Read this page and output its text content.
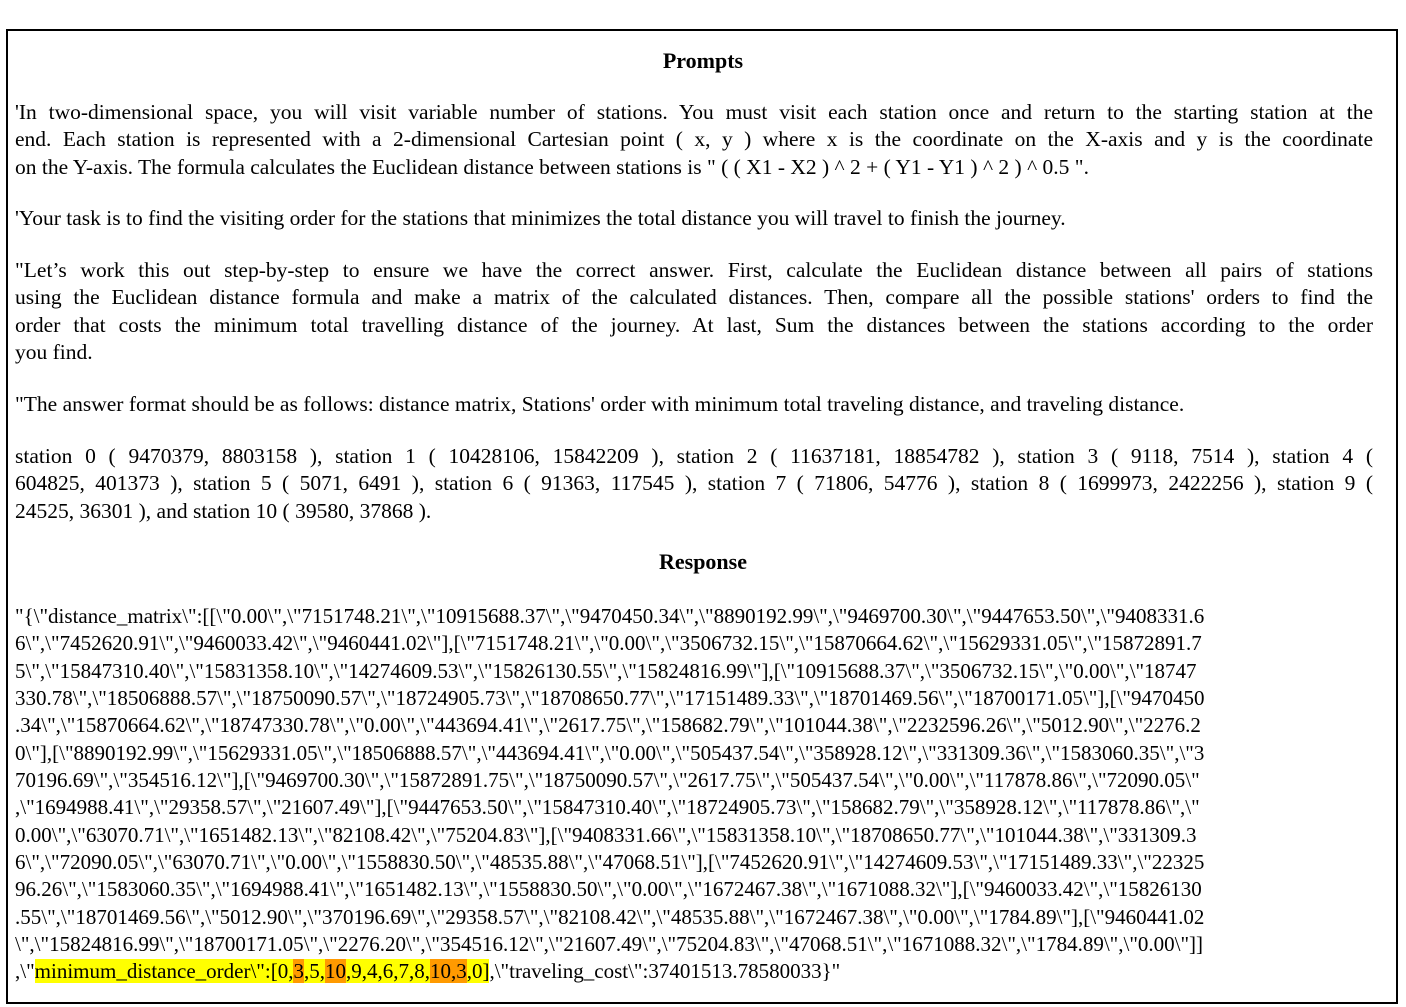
Prompts
'In two-dimensional space, you will visit variable number of stations. You must visit each station once and return to the starting station at the
end. Each station is represented with a 2-dimensional Cartesian point ( x, y ) where x is the coordinate on the X-axis and y is the coordinate
on the Y-axis. The formula calculates the Euclidean distance between stations is " ( ( X1 - X2 ) ^ 2 + ( Y1 - Y1 ) ^ 2 ) ^ 0.5 ".
'Your task is to find the visiting order for the stations that minimizes the total distance you will travel to finish the journey.
"Let’s work this out step-by-step to ensure we have the correct answer. First, calculate the Euclidean distance between all pairs of stations
using the Euclidean distance formula and make a matrix of the calculated distances. Then, compare all the possible stations' orders to find the
order that costs the minimum total travelling distance of the journey. At last, Sum the distances between the stations according to the order
you find.
"The answer format should be as follows: distance matrix, Stations' order with minimum total traveling distance, and traveling distance.
station 0 ( 9470379, 8803158 ), station 1 ( 10428106, 15842209 ), station 2 ( 11637181, 18854782 ), station 3 ( 9118, 7514 ), station 4 (
604825, 401373 ), station 5 ( 5071, 6491 ), station 6 ( 91363, 117545 ), station 7 ( 71806, 54776 ), station 8 ( 1699973, 2422256 ), station 9 (
24525, 36301 ), and station 10 ( 39580, 37868 ).
Response
"{\"distance_matrix\":[[\"0.00\",\"7151748.21\",\"10915688.37\",\"9470450.34\",\"8890192.99\",\"9469700.30\",\"9447653.50\",\"9408331.6
6\",\"7452620.91\",\"9460033.42\",\"9460441.02\"],[\"7151748.21\",\"0.00\",\"3506732.15\",\"15870664.62\",\"15629331.05\",\"15872891.7
5\",\"15847310.40\",\"15831358.10\",\"14274609.53\",\"15826130.55\",\"15824816.99\"],[\"10915688.37\",\"3506732.15\",\"0.00\",\"18747
330.78\",\"18506888.57\",\"18750090.57\",\"18724905.73\",\"18708650.77\",\"17151489.33\",\"18701469.56\",\"18700171.05\"],[\"9470450
.34\",\"15870664.62\",\"18747330.78\",\"0.00\",\"443694.41\",\"2617.75\",\"158682.79\",\"101044.38\",\"2232596.26\",\"5012.90\",\"2276.2
0\"],[\"8890192.99\",\"15629331.05\",\"18506888.57\",\"443694.41\",\"0.00\",\"505437.54\",\"358928.12\",\"331309.36\",\"1583060.35\",\"3
70196.69\",\"354516.12\"],[\"9469700.30\",\"15872891.75\",\"18750090.57\",\"2617.75\",\"505437.54\",\"0.00\",\"117878.86\",\"72090.05\"
,\"1694988.41\",\"29358.57\",\"21607.49\"],[\"9447653.50\",\"15847310.40\",\"18724905.73\",\"158682.79\",\"358928.12\",\"117878.86\",\"
0.00\",\"63070.71\",\"1651482.13\",\"82108.42\",\"75204.83\"],[\"9408331.66\",\"15831358.10\",\"18708650.77\",\"101044.38\",\"331309.3
6\",\"72090.05\",\"63070.71\",\"0.00\",\"1558830.50\",\"48535.88\",\"47068.51\"],[\"7452620.91\",\"14274609.53\",\"17151489.33\",\"22325
96.26\",\"1583060.35\",\"1694988.41\",\"1651482.13\",\"1558830.50\",\"0.00\",\"1672467.38\",\"1671088.32\"],[\"9460033.42\",\"15826130
.55\",\"18701469.56\",\"5012.90\",\"370196.69\",\"29358.57\",\"82108.42\",\"48535.88\",\"1672467.38\",\"0.00\",\"1784.89\"],[\"9460441.02
\",\"15824816.99\",\"18700171.05\",\"2276.20\",\"354516.12\",\"21607.49\",\"75204.83\",\"47068.51\",\"1671088.32\",\"1784.89\",\"0.00\"]]
,\"minimum_distance_order\":[0,3,5,10,9,4,6,7,8,10,3,0],\"traveling_cost\":37401513.78580033}"
